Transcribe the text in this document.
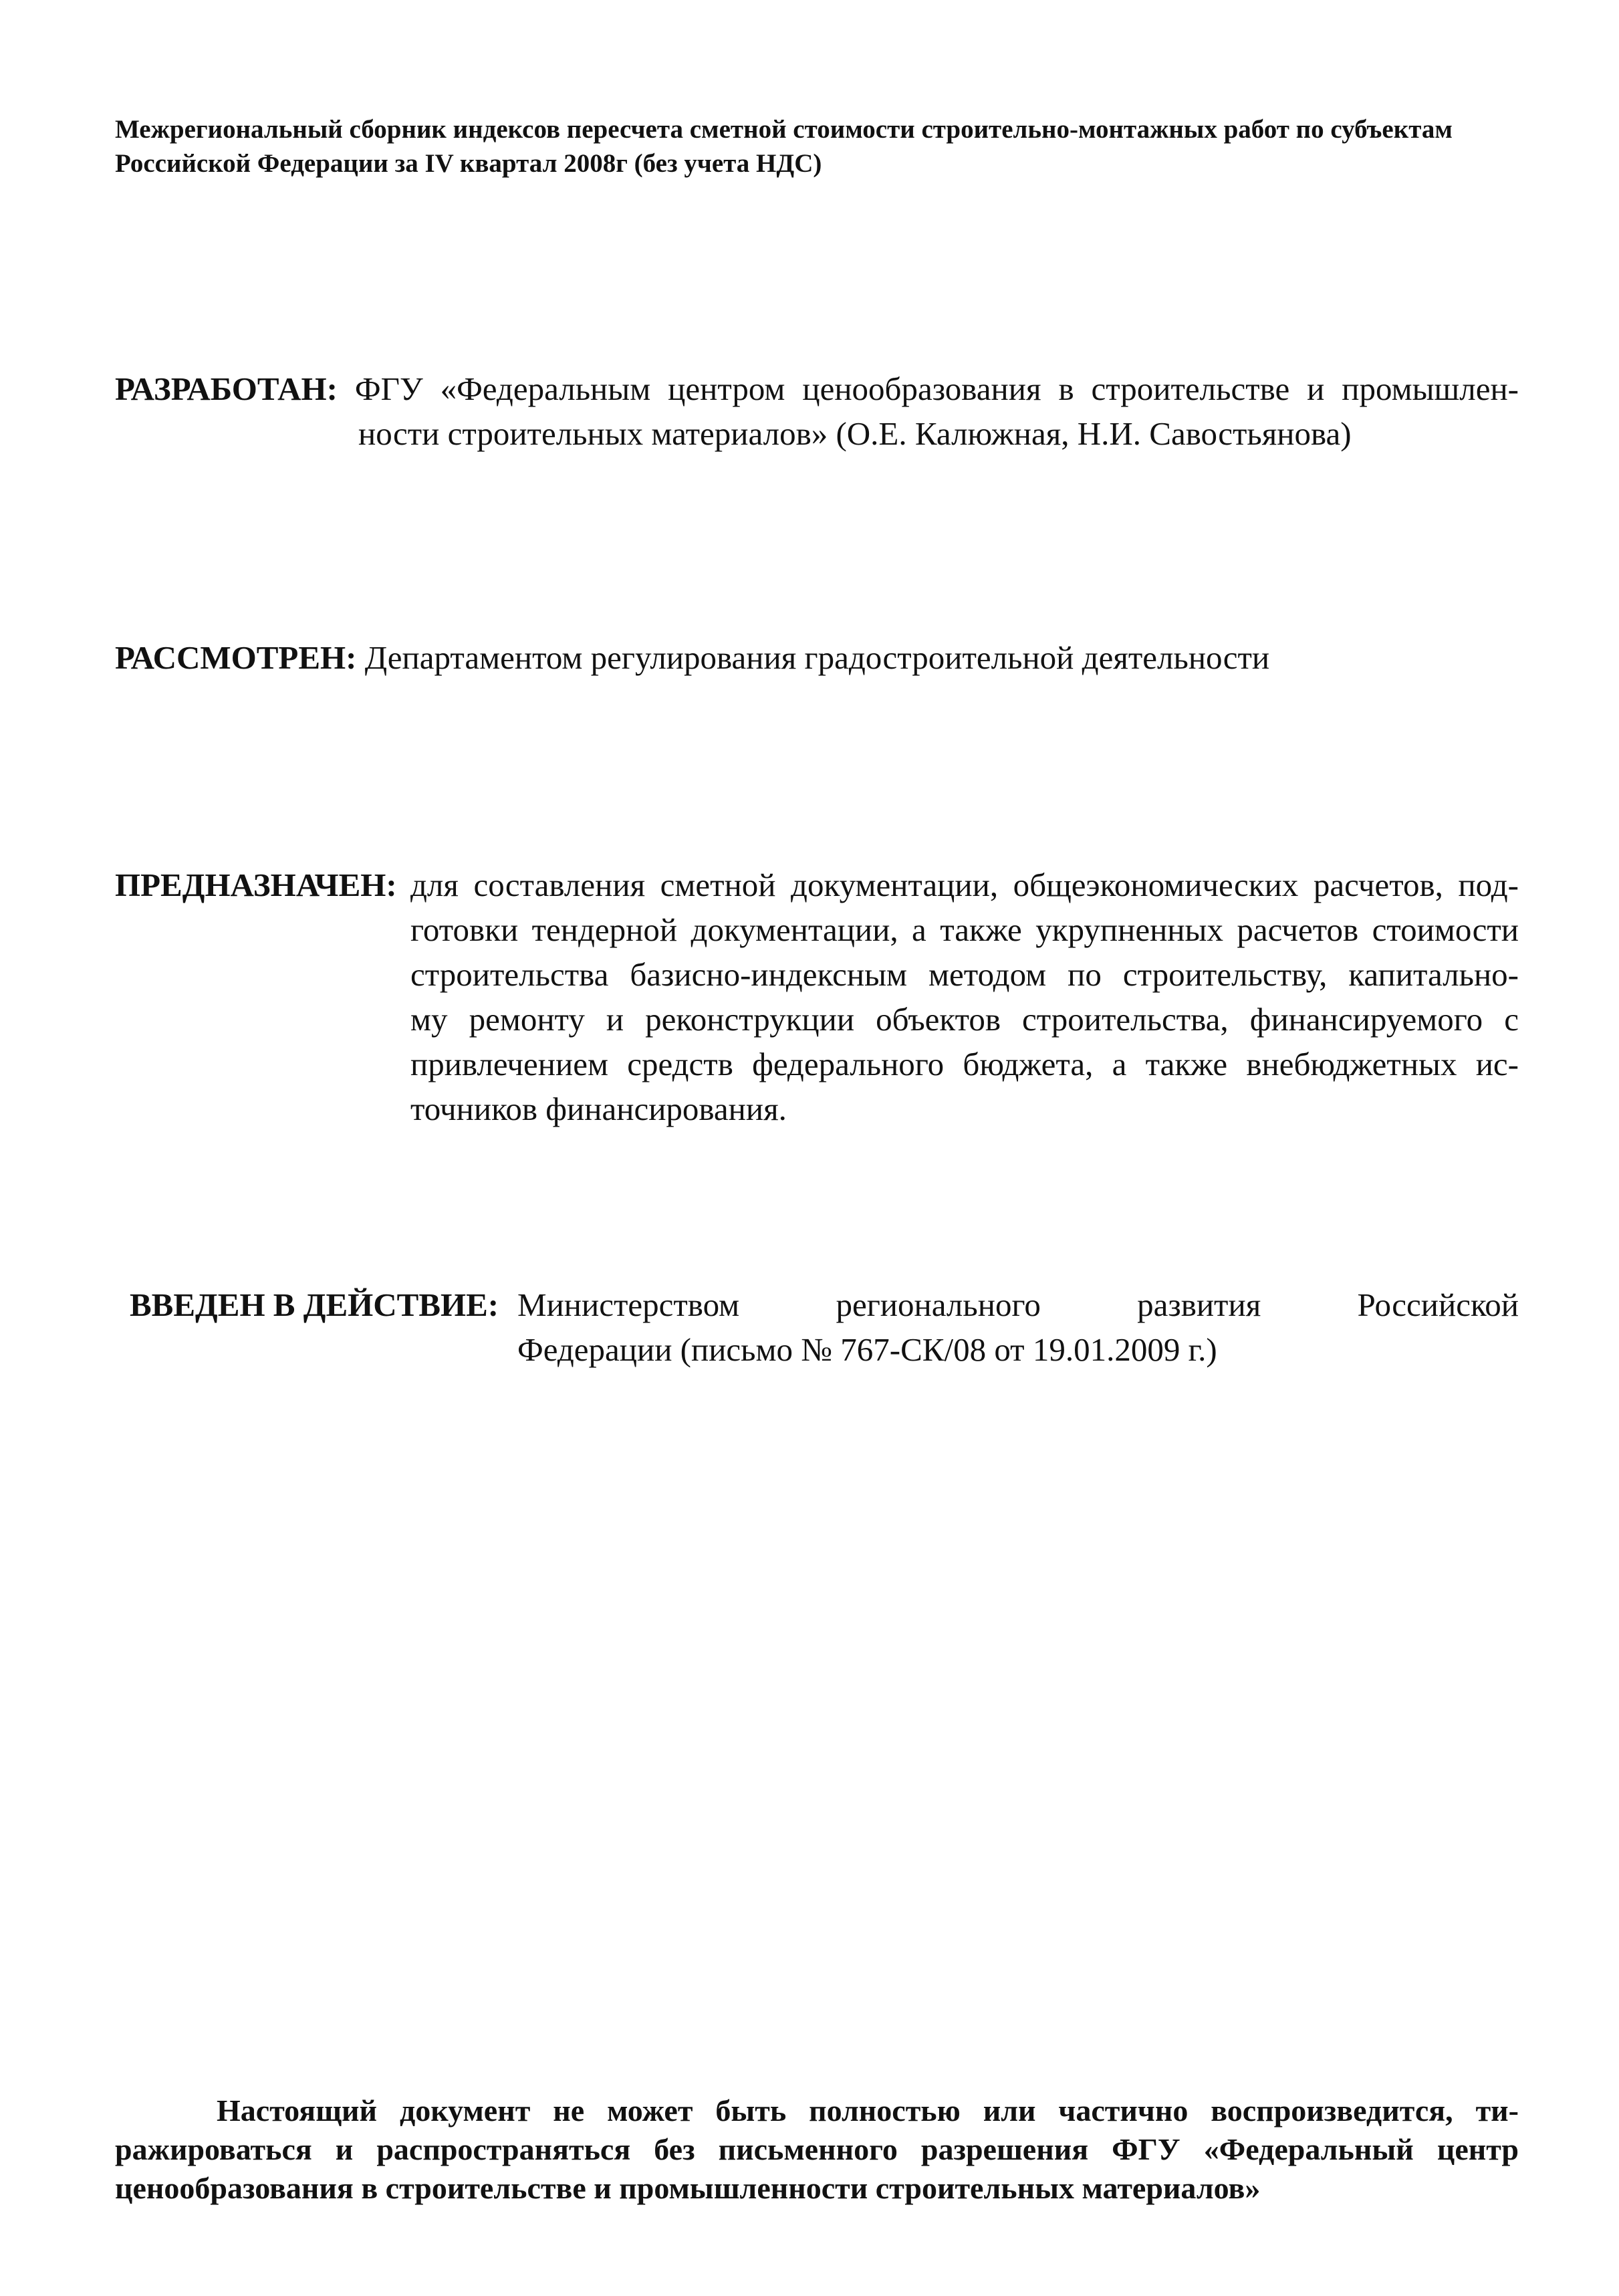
Межрегиональный сборник индексов пересчета сметной стоимости строительно-монтажных работ по субъектам

Российской Федерации за IV квартал 2008г (без учета НДС)

РАЗРАБОТАН: ФГУ «Федеральным центром ценообразования в строительстве и промышлен-

ности строительных материалов» (О.Е. Калюжная, Н.И. Савостьянова)

РАССМОТРЕН: Департаментом регулирования градостроительной деятельности

ПРЕДНАЗНАЧЕН: для составления сметной документации, общеэкономических расчетов, под-

готовки тендерной документации, а также укрупненных расчетов стоимости

строительства базисно-индексным методом по строительству, капитально-

му ремонту и реконструкции объектов строительства, финансируемого с

привлечением средств федерального бюджета, а также внебюджетных ис-

точников финансирования.

ВВЕДЕН В ДЕЙСТВИЕ: Министерством	регионального	развития	Российской

Федерации (письмо № 767-СК/08 от 19.01.2009 г.)

Настоящий документ не может быть полностью или частично воспроизведится, ти-

ражироваться и распространяться без письменного разрешения ФГУ «Федеральный центр

ценообразования в строительстве и промышленности строительных материалов»
